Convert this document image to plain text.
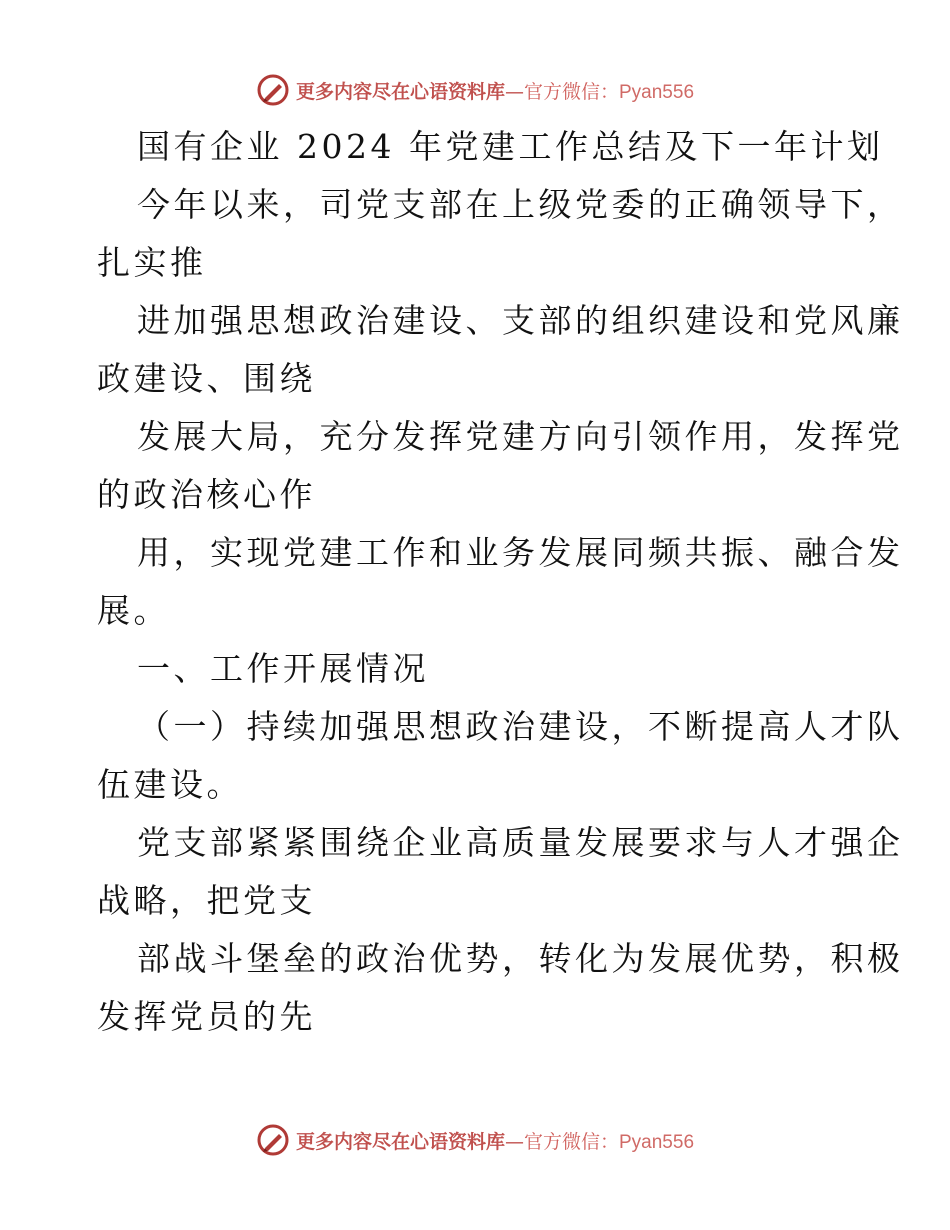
更多内容尽在心语资料库—官方微信：Pyan556
国有企业 2024 年党建工作总结及下一年计划
今年以来，司党支部在上级党委的正确领导下，
扎实推
进加强思想政治建设、支部的组织建设和党风廉
政建设、围绕
发展大局，充分发挥党建方向引领作用，发挥党
的政治核心作
用，实现党建工作和业务发展同频共振、融合发
展。
一、工作开展情况
（一）持续加强思想政治建设，不断提高人才队
伍建设。
党支部紧紧围绕企业高质量发展要求与人才强企
战略，把党支
部战斗堡垒的政治优势，转化为发展优势，积极
发挥党员的先
更多内容尽在心语资料库—官方微信：Pyan556
